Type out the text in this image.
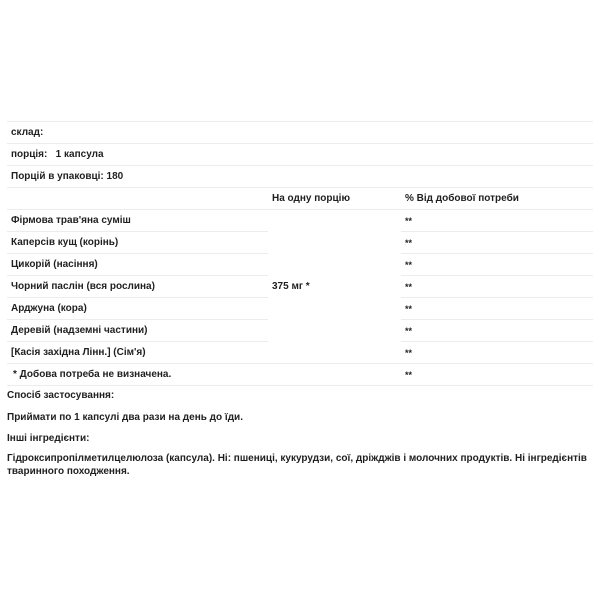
склад:		
порція:   1 капсула		
Порцій в упаковці: 180		
	На одну порцію	% Від добової потреби
Фірмова трав'яна суміш	375 мг *	**
Каперсів кущ (корінь)		**
Цикорій (насіння)		**
Чорний паслін (вся рослина)		**
Арджуна (кора)		**
Деревій (надземні частини)		**
[Касія західна Лінн.] (Сім'я)		**
* Добова потреба не визначена.		**
Спосіб застосування:
Приймати по 1 капсулі два рази на день до їди.
Інші інгредієнти:
Гідроксипропілметилцелюлоза (капсула). Ні: пшениці, кукурудзи, сої, дріжджів і молочних продуктів. Ні інгредієнтів тваринного походження.
